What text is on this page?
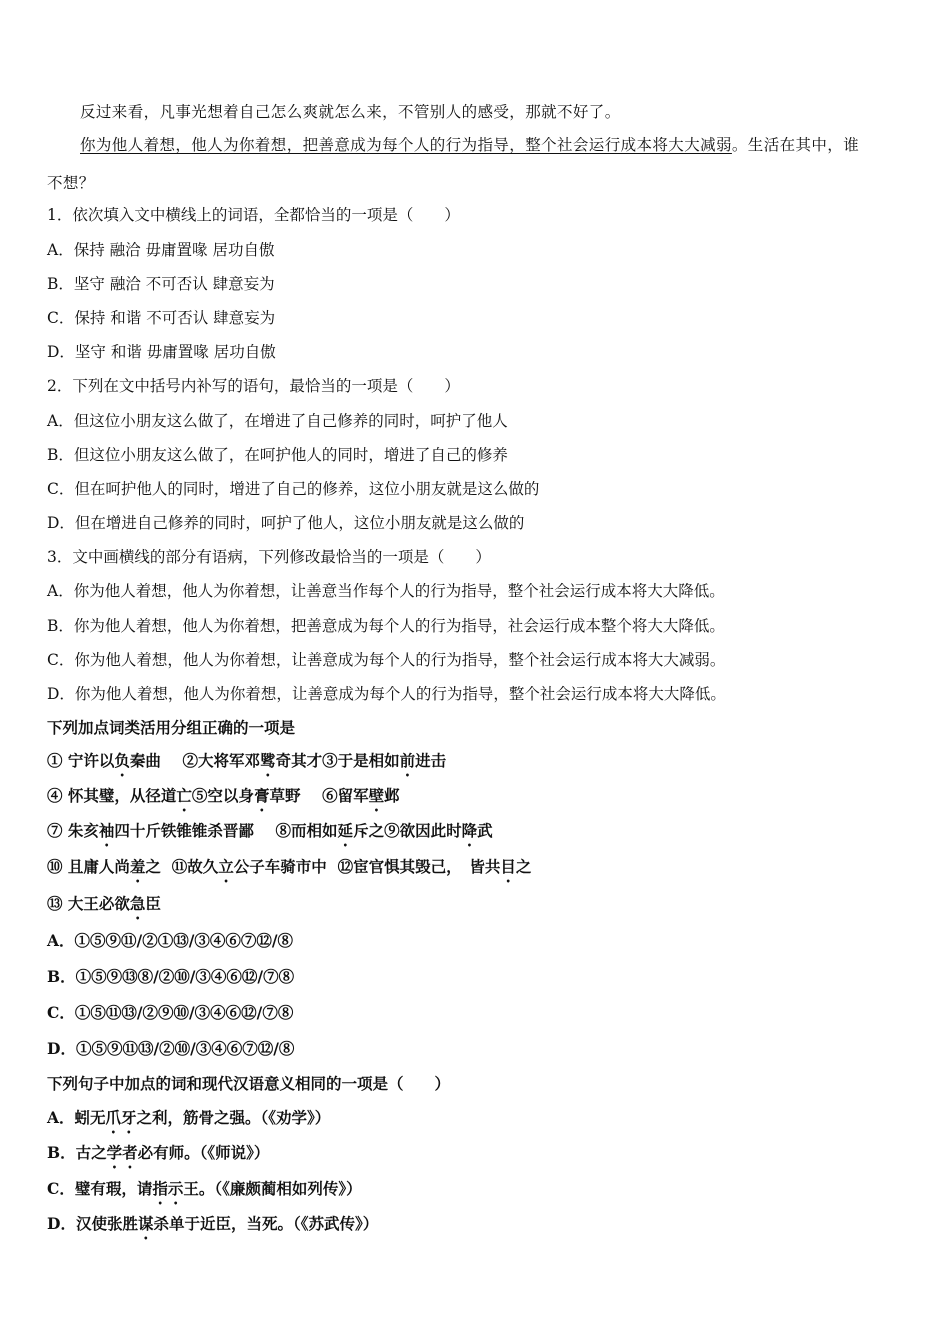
反过来看，凡事光想着自己怎么爽就怎么来，不管别人的感受，那就不好了。
你为他人着想，他人为你着想，把善意成为每个人的行为指导，整个社会运行成本将大大减弱。生活在其中，谁
不想？
1．依次填入文中横线上的词语，全都恰当的一项是（　　）
A．保持 融洽 毋庸置喙 居功自傲
B．坚守 融洽 不可否认 肆意妄为
C．保持 和谐 不可否认 肆意妄为
D．坚守 和谐 毋庸置喙 居功自傲
2．下列在文中括号内补写的语句，最恰当的一项是（　　）
A．但这位小朋友这么做了，在增进了自己修养的同时，呵护了他人
B．但这位小朋友这么做了，在呵护他人的同时，增进了自己的修养
C．但在呵护他人的同时，增进了自己的修养，这位小朋友就是这么做的
D．但在增进自己修养的同时，呵护了他人，这位小朋友就是这么做的
3．文中画横线的部分有语病，下列修改最恰当的一项是（　　）
A．你为他人着想，他人为你着想，让善意当作每个人的行为指导，整个社会运行成本将大大降低。
B．你为他人着想，他人为你着想，把善意成为每个人的行为指导，社会运行成本整个将大大降低。
C．你为他人着想，他人为你着想，让善意成为每个人的行为指导，整个社会运行成本将大大减弱。
D．你为他人着想，他人为你着想，让善意成为每个人的行为指导，整个社会运行成本将大大降低。
下列加点词类活用分组正确的一项是
① 宁许以负秦曲 ②大将军邓骘奇其才③于是相如前进击
④ 怀其璧，从径道亡⑤空以身膏草野 ⑥留军壁邺
⑦ 朱亥袖四十斤铁锥锥杀晋鄙 ⑧而相如延斥之⑨欲因此时降武
⑩ 且庸人尚羞之 ⑪故久立公子车骑市中 ⑫宦官惧其毁己，　皆共目之
⑬ 大王必欲急臣
A．①⑤⑨⑪/②①⑬/③④⑥⑦⑫/⑧
B．①⑤⑨⑬⑧/②⑩/③④⑥⑫/⑦⑧
C．①⑤⑪⑬/②⑨⑩/③④⑥⑫/⑦⑧
D．①⑤⑨⑪⑬/②⑩/③④⑥⑦⑫/⑧
下列句子中加点的词和现代汉语意义相同的一项是（　　）
A．蚓无爪牙之利，筋骨之强。（《劝学》）
B．古之学者必有师。（《师说》）
C．璧有瑕，请指示王。（《廉颇蔺相如列传》）
D．汉使张胜谋杀单于近臣，当死。（《苏武传》）
